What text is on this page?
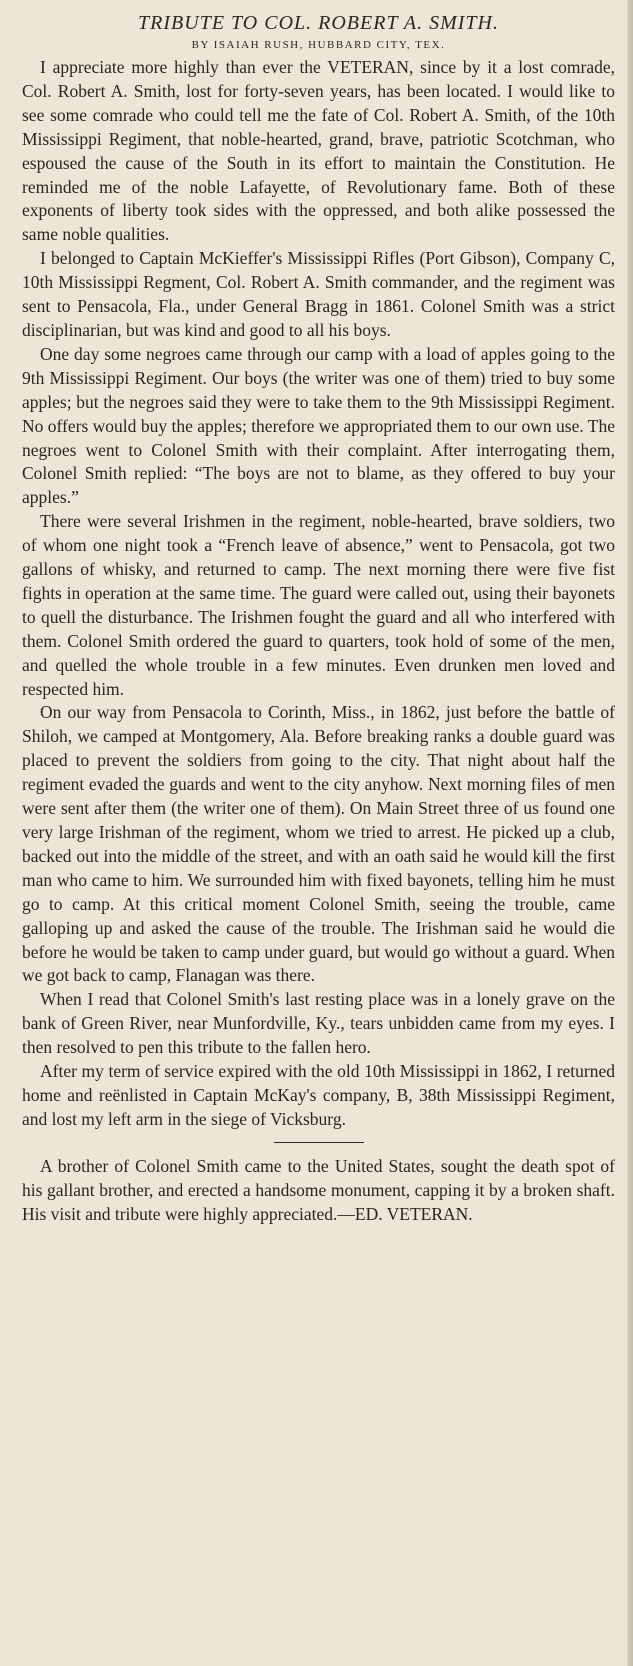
TRIBUTE TO COL. ROBERT A. SMITH.
BY ISAIAH RUSH, HUBBARD CITY, TEX.

I appreciate more highly than ever the VETERAN, since by it a lost comrade, Col. Robert A. Smith, lost for forty-seven years, has been located. I would like to see some comrade who could tell me the fate of Col. Robert A. Smith, of the 10th Mississippi Regiment, that noble-hearted, grand, brave, patriotic Scotchman, who espoused the cause of the South in its effort to maintain the Constitution. He reminded me of the noble Lafayette, of Revolutionary fame. Both of these exponents of liberty took sides with the oppressed, and both alike possessed the same noble qualities.

I belonged to Captain McKieffer's Mississippi Rifles (Port Gibson), Company C, 10th Mississippi Regment, Col. Robert A. Smith commander, and the regiment was sent to Pensacola, Fla., under General Bragg in 1861. Colonel Smith was a strict disciplinarian, but was kind and good to all his boys.

One day some negroes came through our camp with a load of apples going to the 9th Mississippi Regiment. Our boys (the writer was one of them) tried to buy some apples; but the negroes said they were to take them to the 9th Mississippi Regiment. No offers would buy the apples; therefore we appropriated them to our own use. The negroes went to Colonel Smith with their complaint. After interrogating them, Colonel Smith replied: “The boys are not to blame, as they offered to buy your apples.”

There were several Irishmen in the regiment, noble-hearted, brave soldiers, two of whom one night took a “French leave of absence,” went to Pensacola, got two gallons of whisky, and returned to camp. The next morning there were five fist fights in operation at the same time. The guard were called out, using their bayonets to quell the disturbance. The Irishmen fought the guard and all who interfered with them. Colonel Smith ordered the guard to quarters, took hold of some of the men, and quelled the whole trouble in a few minutes. Even drunken men loved and respected him.

On our way from Pensacola to Corinth, Miss., in 1862, just before the battle of Shiloh, we camped at Montgomery, Ala. Before breaking ranks a double guard was placed to prevent the soldiers from going to the city. That night about half the regiment evaded the guards and went to the city anyhow. Next morning files of men were sent after them (the writer one of them). On Main Street three of us found one very large Irishman of the regiment, whom we tried to arrest. He picked up a club, backed out into the middle of the street, and with an oath said he would kill the first man who came to him. We surrounded him with fixed bayonets, telling him he must go to camp. At this critical moment Colonel Smith, seeing the trouble, came galloping up and asked the cause of the trouble. The Irishman said he would die before he would be taken to camp under guard, but would go without a guard. When we got back to camp, Flanagan was there.

When I read that Colonel Smith's last resting place was in a lonely grave on the bank of Green River, near Munfordville, Ky., tears unbidden came from my eyes. I then resolved to pen this tribute to the fallen hero.

After my term of service expired with the old 10th Mississippi in 1862, I returned home and reënlisted in Captain McKay's company, B, 38th Mississippi Regiment, and lost my left arm in the siege of Vicksburg.

A brother of Colonel Smith came to the United States, sought the death spot of his gallant brother, and erected a handsome monument, capping it by a broken shaft. His visit and tribute were highly appreciated.—ED. VETERAN.
